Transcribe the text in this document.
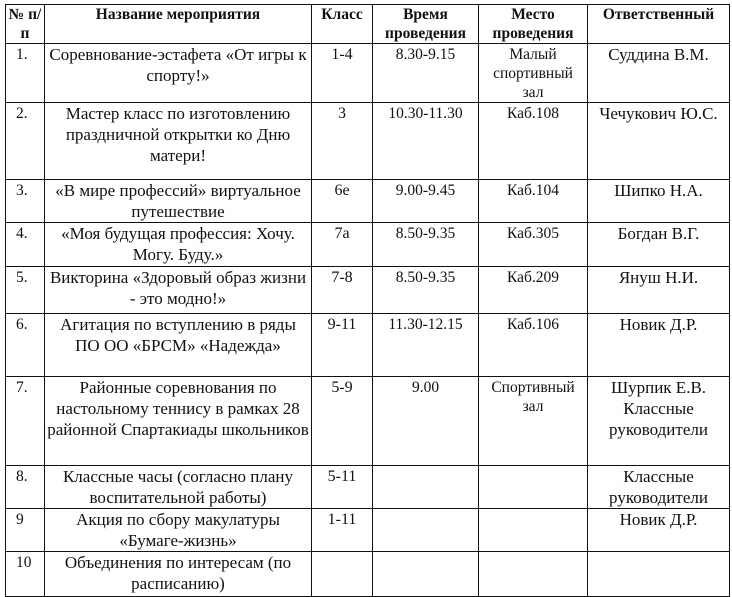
№ п/п	Название мероприятия	Класс	Время проведения	Место проведения	Ответственный
1.	Соревнование-эстафета «От игры к спорту!»	1-4	8.30-9.15	Малый спортивный зал	Суддина В.М.
2.	Мастер класс по изготовлению праздничной открытки ко Дню матери!	3	10.30-11.30	Каб.108	Чечукович Ю.С.
3.	«В мире профессий» виртуальное путешествие	6е	9.00-9.45	Каб.104	Шипко Н.А.
4.	«Моя будущая профессия: Хочу. Могу. Буду.»	7а	8.50-9.35	Каб.305	Богдан В.Г.
5.	Викторина «Здоровый образ жизни - это модно!»	7-8	8.50-9.35	Каб.209	Януш Н.И.
6.	Агитация по вступлению в ряды ПО ОО «БРСМ» «Надежда»	9-11	11.30-12.15	Каб.106	Новик Д.Р.
7.	Районные соревнования по настольному теннису в рамках 28 районной Спартакиады школьников	5-9	9.00	Спортивный зал	Шурпик Е.В. Классные руководители
8.	Классные часы (согласно плану воспитательной работы)	5-11			Классные руководители
9	Акция по сбору макулатуры «Бумаге-жизнь»	1-11			Новик Д.Р.
10	Объединения по интересам (по расписанию)				
